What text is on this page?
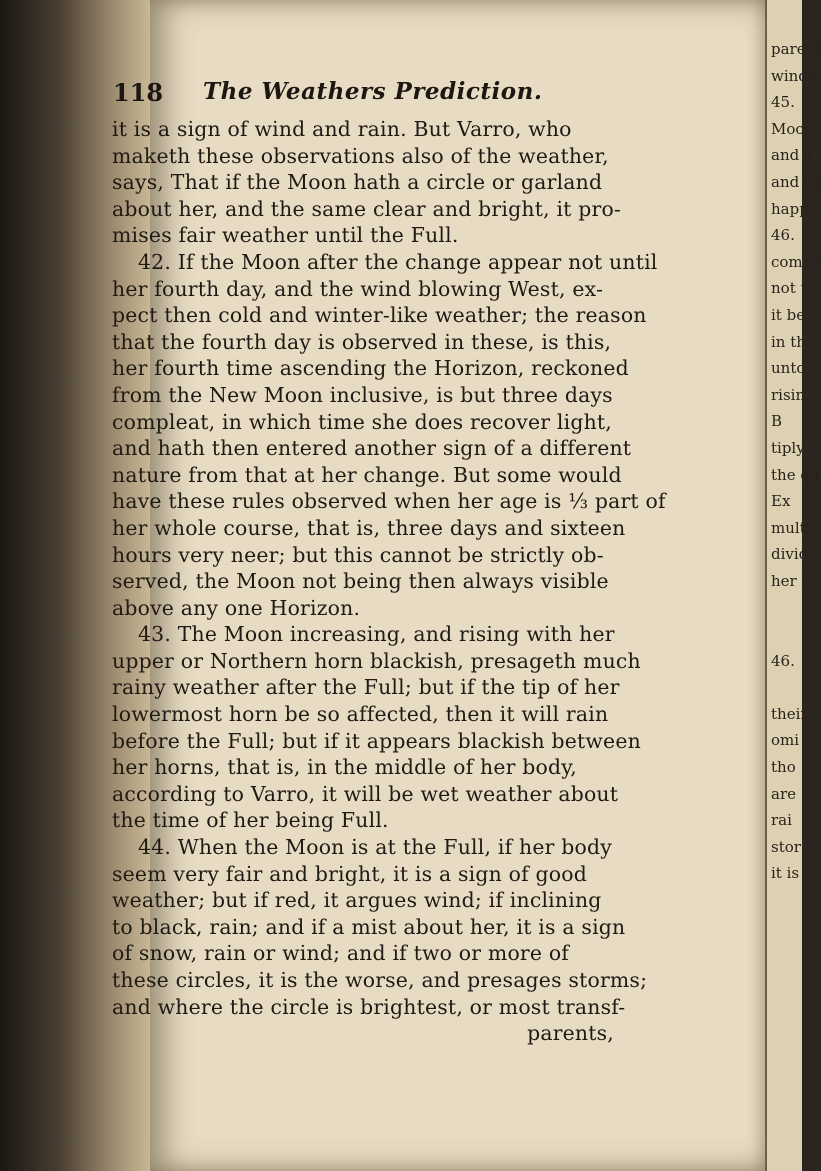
118 The Weathers Prediction.
it is a sign of wind and rain. But Varro, who
maketh these observations also of the weather,
says, That if the Moon hath a circle or garland
about her, and the same clear and bright, it pro-
mises fair weather until the Full.
42. If the Moon after the change appear not until
her fourth day, and the wind blowing West, ex-
pect then cold and winter-like weather; the reason
that the fourth day is observed in these, is this,
her fourth time ascending the Horizon, reckoned
from the New Moon inclusive, is but three days
compleat, in which time she does recover light,
and hath then entered another sign of a different
nature from that at her change. But some would
have these rules observed when her age is ⅓ part of
her whole course, that is, three days and sixteen
hours very neer; but this cannot be strictly ob-
served, the Moon not being then always visible
above any one Horizon.
43. The Moon increasing, and rising with her
upper or Northern horn blackish, presageth much
rainy weather after the Full; but if the tip of her
lowermost horn be so affected, then it will rain
before the Full; but if it appears blackish between
her horns, that is, in the middle of her body,
according to Varro, it will be wet weather about
the time of her being Full.
44. When the Moon is at the Full, if her body
seem very fair and bright, it is a sign of good
weather; but if red, it argues wind; if inclining
to black, rain; and if a mist about her, it is a sign
of snow, rain or wind; and if two or more of
these circles, it is the worse, and presages storms;
and where the circle is brightest, or most transf-
parents,
parent
winds
45.
Moon
and a
and th
happe
46.
comes
not th
it be
in th
unto
risin
B
tiply
the qu
Ex
multi
divid
her b
46.
their
omi
tho
are
rai
stor
it is
